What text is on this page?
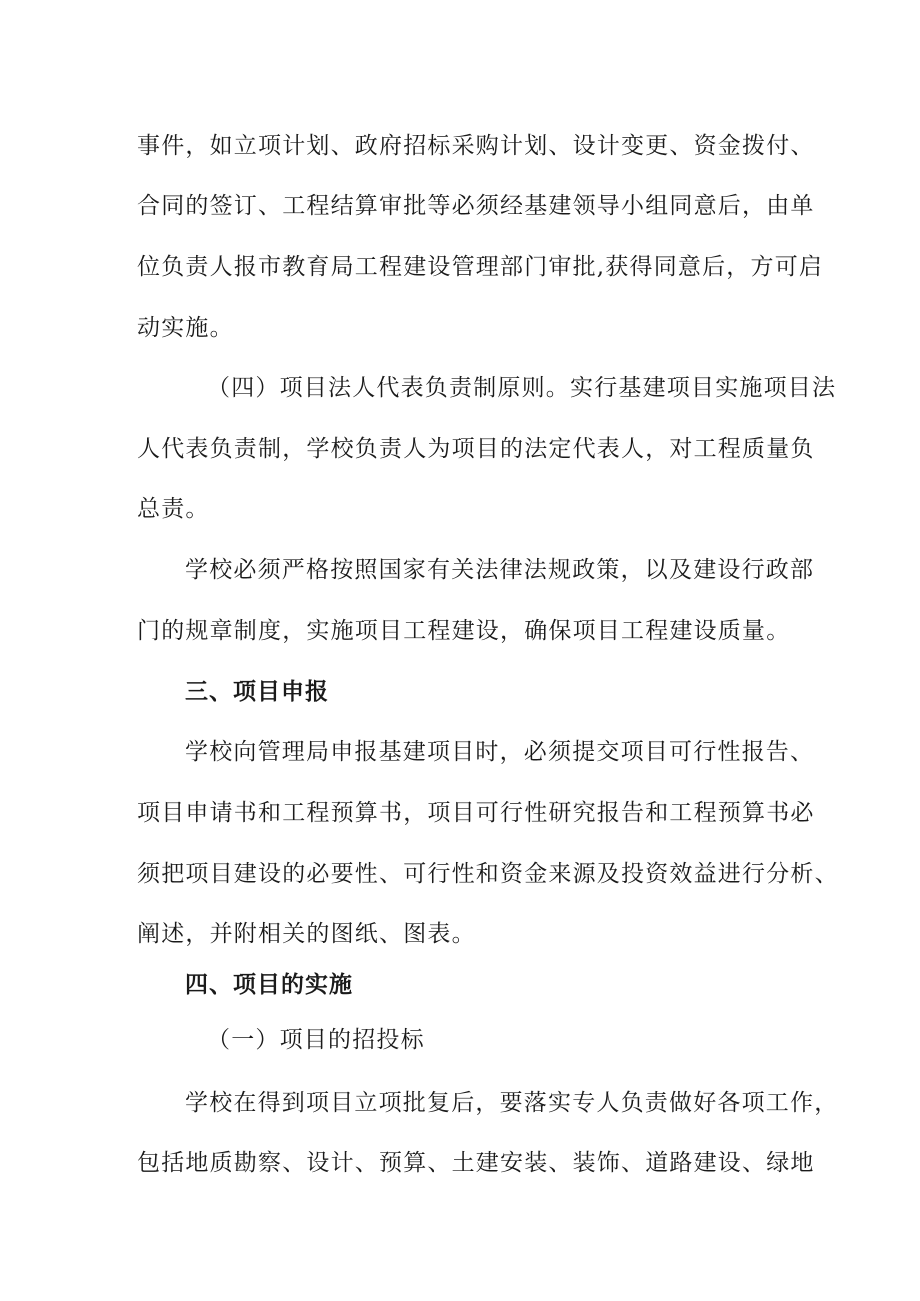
事件，如立项计划、政府招标采购计划、设计变更、资金拨付、
合同的签订、工程结算审批等必须经基建领导小组同意后，由单
位负责人报市教育局工程建设管理部门审批,获得同意后，方可启
动实施。
（四）项目法人代表负责制原则。实行基建项目实施项目法
人代表负责制，学校负责人为项目的法定代表人，对工程质量负
总责。
学校必须严格按照国家有关法律法规政策，以及建设行政部
门的规章制度，实施项目工程建设，确保项目工程建设质量。
三、项目申报
学校向管理局申报基建项目时，必须提交项目可行性报告、
项目申请书和工程预算书，项目可行性研究报告和工程预算书必
须把项目建设的必要性、可行性和资金来源及投资效益进行分析、
阐述，并附相关的图纸、图表。
四、项目的实施
（一）项目的招投标
学校在得到项目立项批复后，要落实专人负责做好各项工作，
包括地质勘察、设计、预算、土建安装、装饰、道路建设、绿地
